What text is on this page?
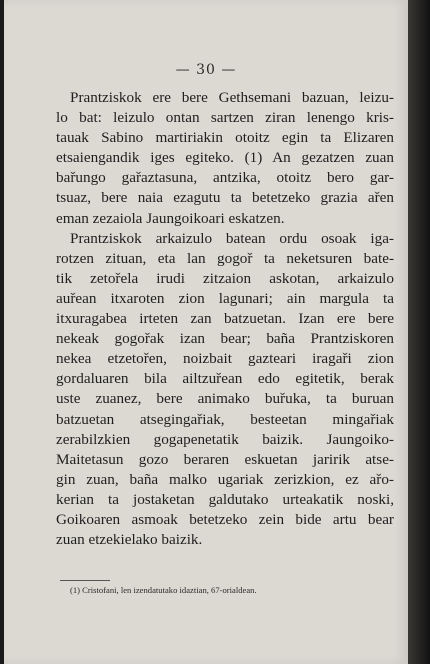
— 30 —
Prantziskok ere bere Gethsemani bazuan, leizu-
lo bat: leizulo ontan sartzen ziran lenengo kris-
tauak Sabino martiriakin otoitz egin ta Elizaren
etsaiengandik iges egiteko. (1) An gezatzen zuan
bařungo gařaztasuna, antzika, otoitz bero gar-
tsuaz, bere naia ezagutu ta betetzeko grazia ařen
eman zezaiola Jaungoikoari eskatzen.
Prantziskok arkaizulo batean ordu osoak iga-
rotzen zituan, eta lan gogoř ta neketsuren bate-
tik zetořela irudi zitzaion askotan, arkaizulo
auřean itxaroten zion lagunari; ain margula ta
itxuragabea irteten zan batzuetan. Izan ere bere
nekeak gogořak izan bear; baña Prantziskoren
nekea etzetořen, noizbait gazteari iragaři zion
gordaluaren bila ailtzuřean edo egitetik, berak
uste zuanez, bere animako buřuka, ta buruan
batzuetan atsegingařiak, besteetan mingařiak
zerabilzkien gogapenetatik baizik. Jaungoiko-
Maitetasun gozo beraren eskuetan jaririk atse-
gin zuan, baña malko ugariak zerizkion, ez ařo-
kerian ta jostaketan galdutako urteakatik noski,
Goikoaren asmoak betetzeko zein bide artu bear
zuan etzekielako baizik.
(1) Cristofani, len izendatutako idaztian, 67-orialdean.
